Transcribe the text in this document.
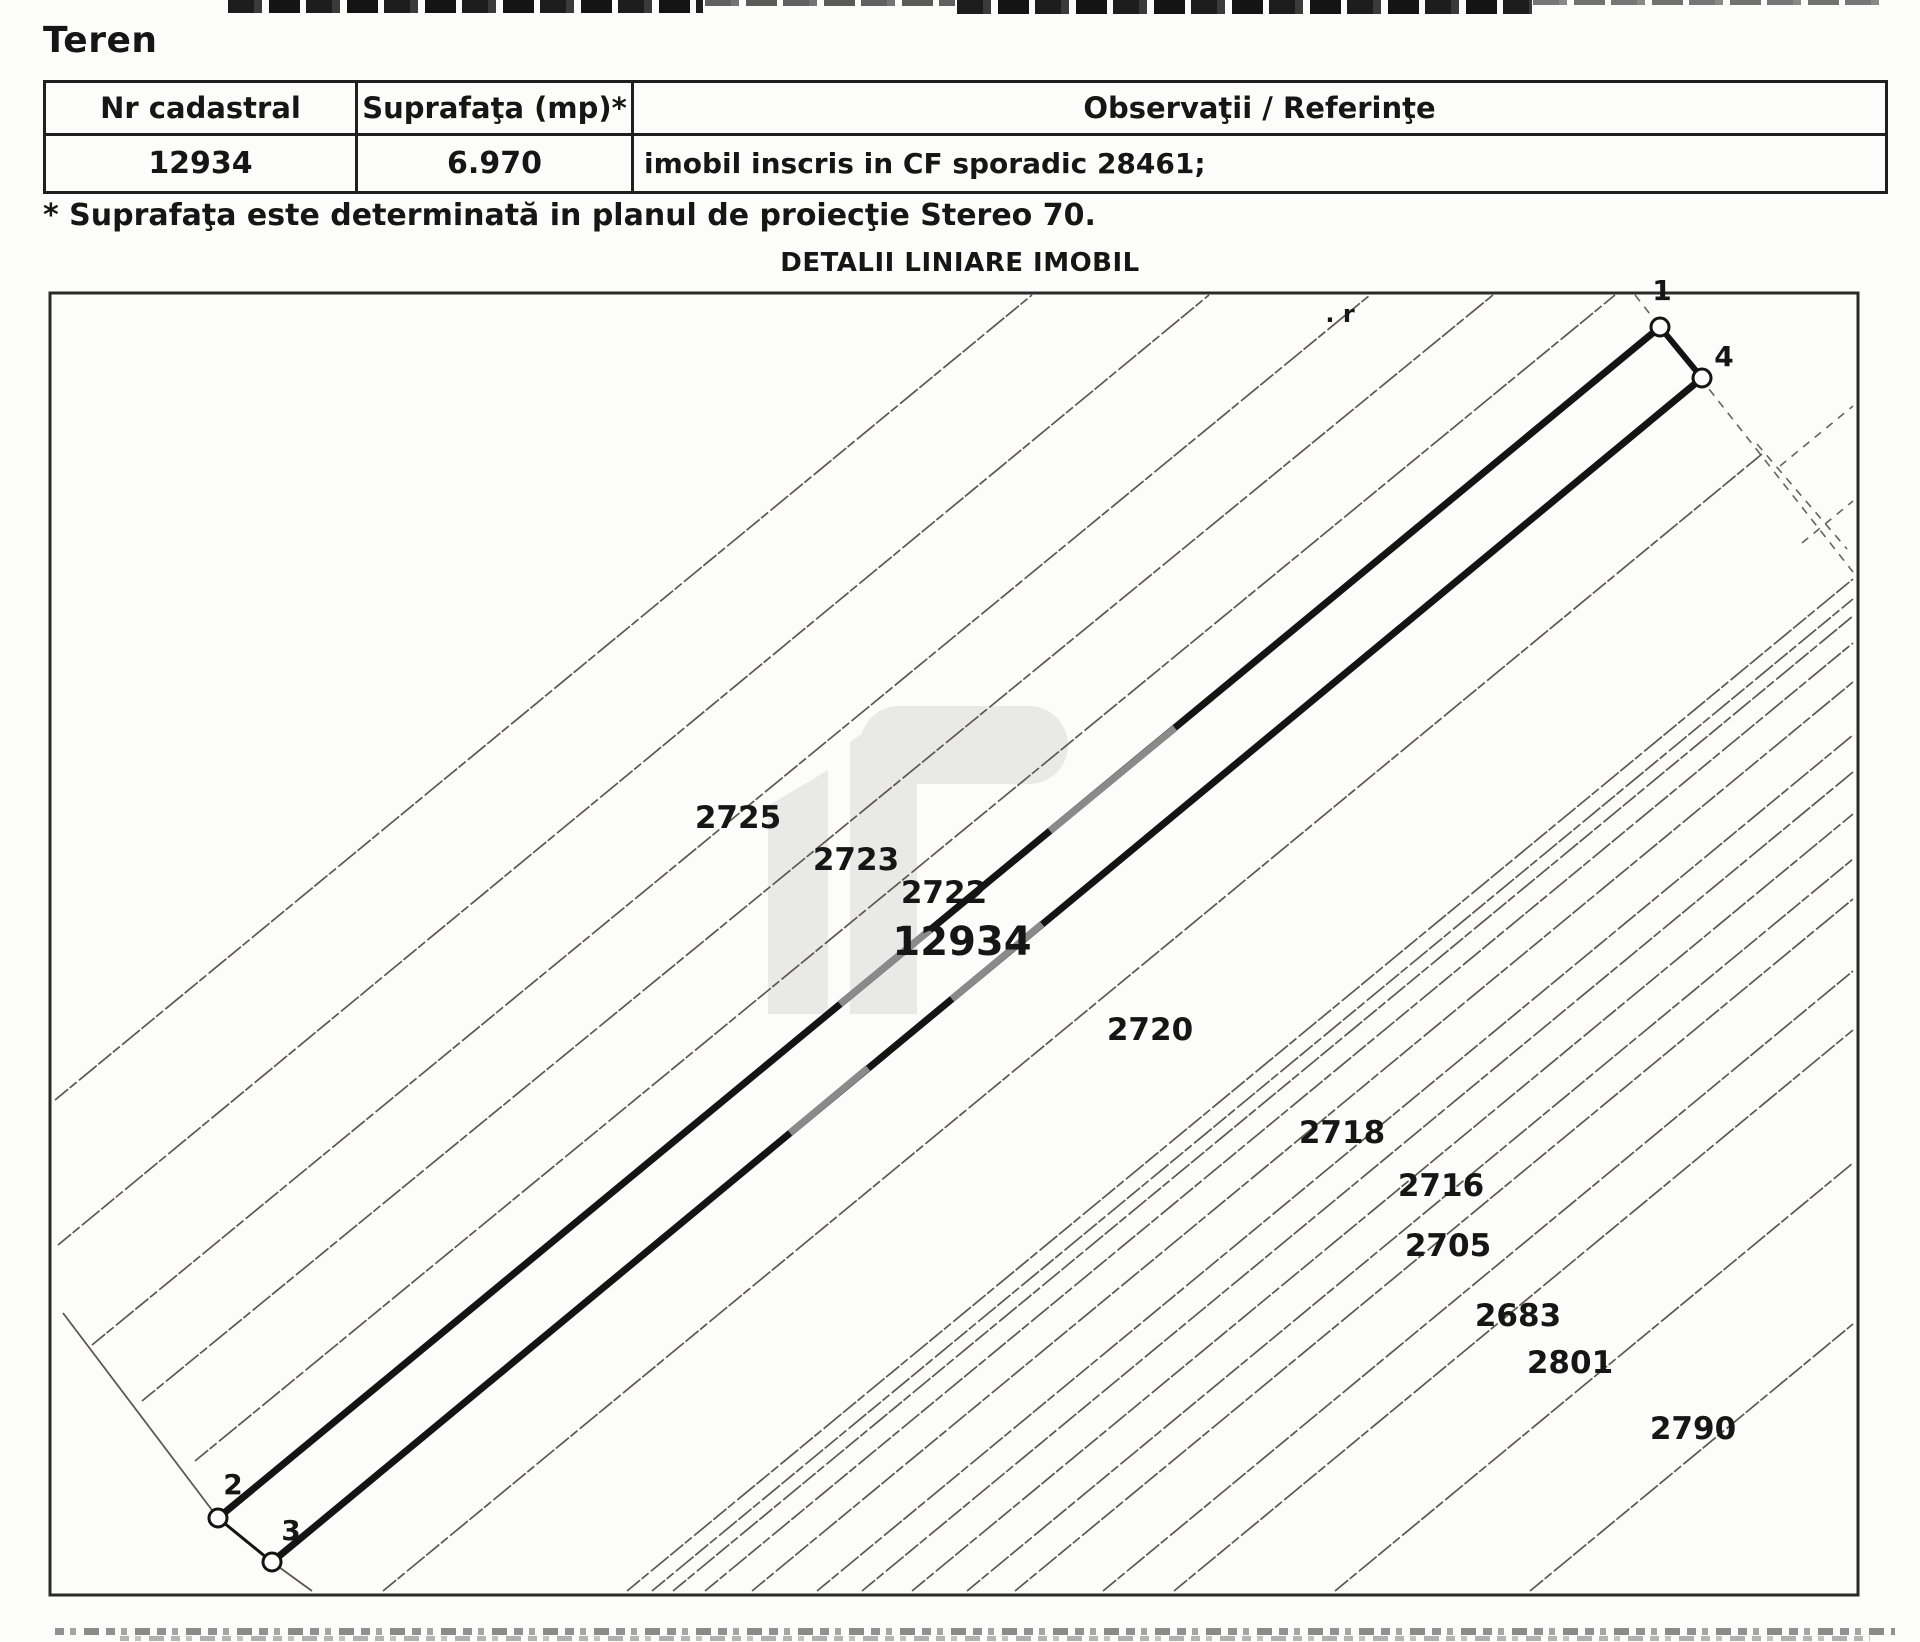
Teren
Nr cadastral	Suprafaţa (mp)*	Observaţii / Referinţe
12934	6.970	imobil inscris in CF sporadic 28461;
* Suprafaţa este determinată in planul de proiecţie Stereo 70.
DETALII LINIARE IMOBIL
1
4
2
3
2725
2723
2722
12934
2720
2718
2716
2705
2683
2801
2790
. r
